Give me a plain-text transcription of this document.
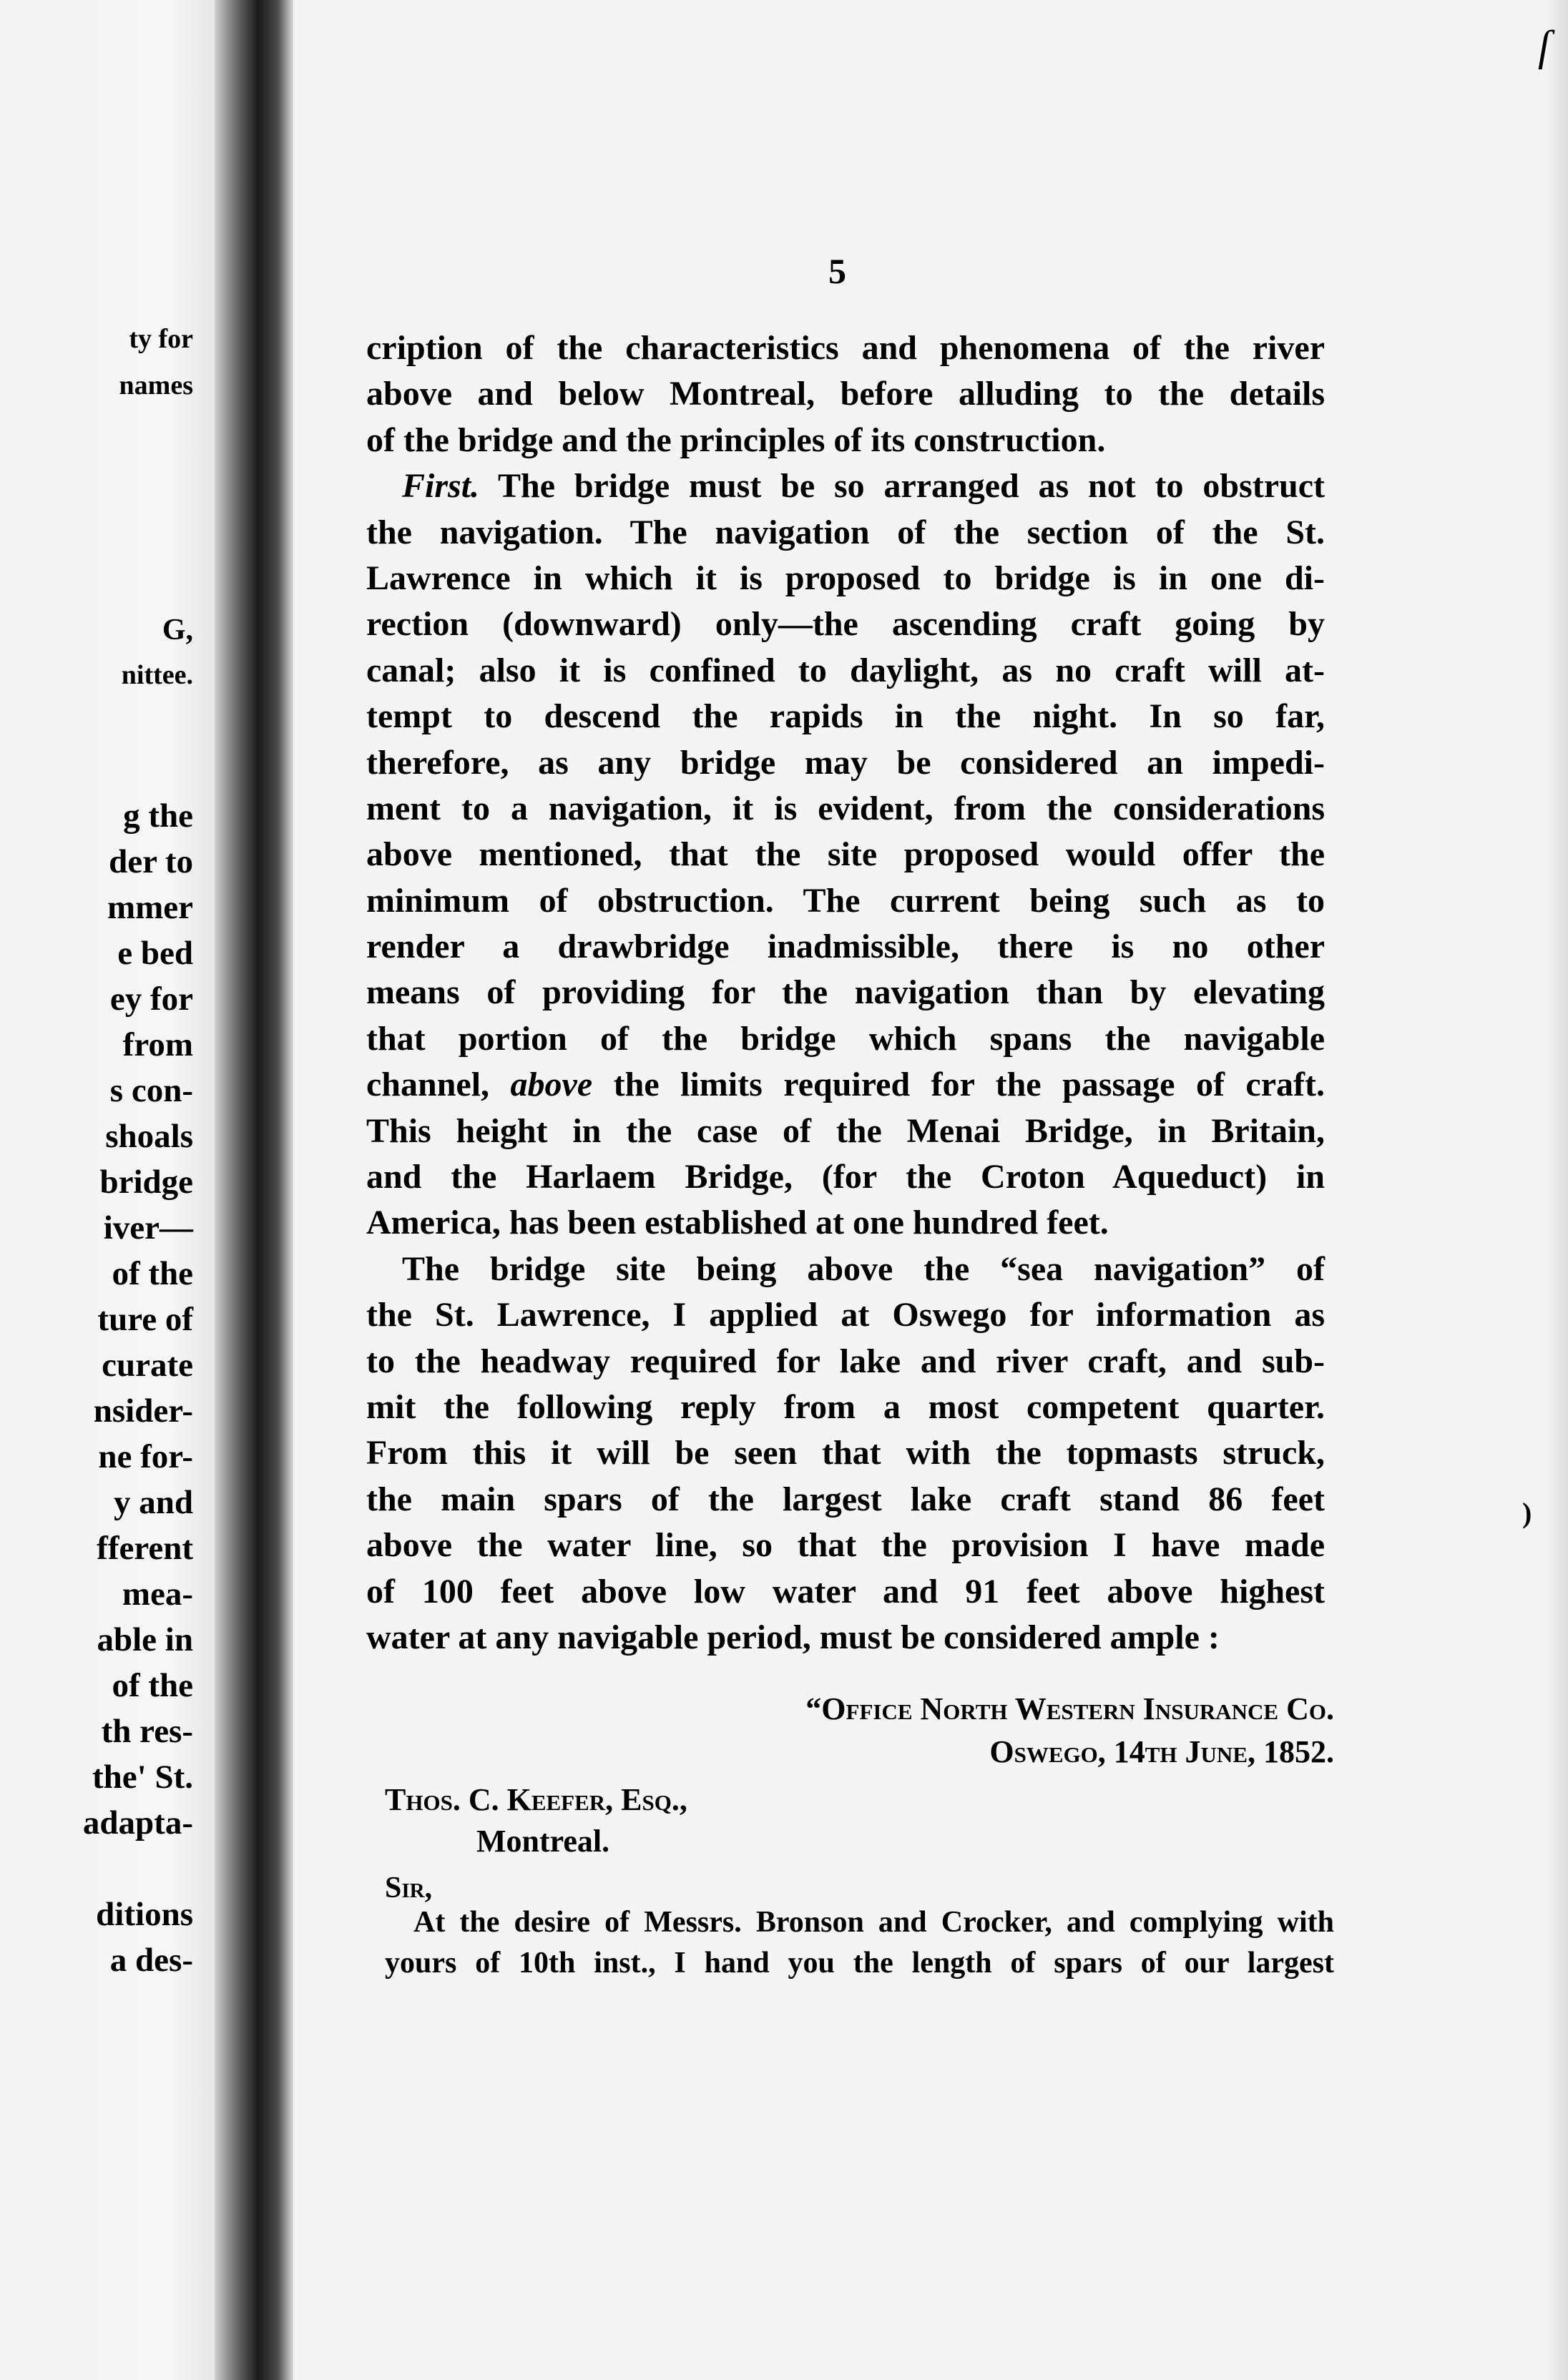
ty for
names
G,
nittee.
g the
der to
mmer
e bed
ey for
from
s con-
shoals
bridge
iver—
of the
ture of
curate
nsider-
ne for-
y and
fferent
mea-
able in
of the
th res-
the' St.
adapta-
ditions
a des-
5
cription of the characteristics and phenomena of the river
above and below Montreal, before alluding to the details
of the bridge and the principles of its construction.
First. The bridge must be so arranged as not to obstruct
the navigation. The navigation of the section of the St.
Lawrence in which it is proposed to bridge is in one di-
rection (downward) only—the ascending craft going by
canal; also it is confined to daylight, as no craft will at-
tempt to descend the rapids in the night. In so far,
therefore, as any bridge may be considered an impedi-
ment to a navigation, it is evident, from the considerations
above mentioned, that the site proposed would offer the
minimum of obstruction. The current being such as to
render a drawbridge inadmissible, there is no other
means of providing for the navigation than by elevating
that portion of the bridge which spans the navigable
channel, above the limits required for the passage of craft.
This height in the case of the Menai Bridge, in Britain,
and the Harlaem Bridge, (for the Croton Aqueduct) in
America, has been established at one hundred feet.
The bridge site being above the “sea navigation” of
the St. Lawrence, I applied at Oswego for information as
to the headway required for lake and river craft, and sub-
mit the following reply from a most competent quarter.
From this it will be seen that with the topmasts struck,
the main spars of the largest lake craft stand 86 feet
above the water line, so that the provision I have made
of 100 feet above low water and 91 feet above highest
water at any navigable period, must be considered ample :
“Office North Western Insurance Co.
Oswego, 14th June, 1852.
Thos. C. Keefer, Esq.,
Montreal.
Sir,
At the desire of Messrs. Bronson and Crocker, and complying with
yours of 10th inst., I hand you the length of spars of our largest
)
ſ
